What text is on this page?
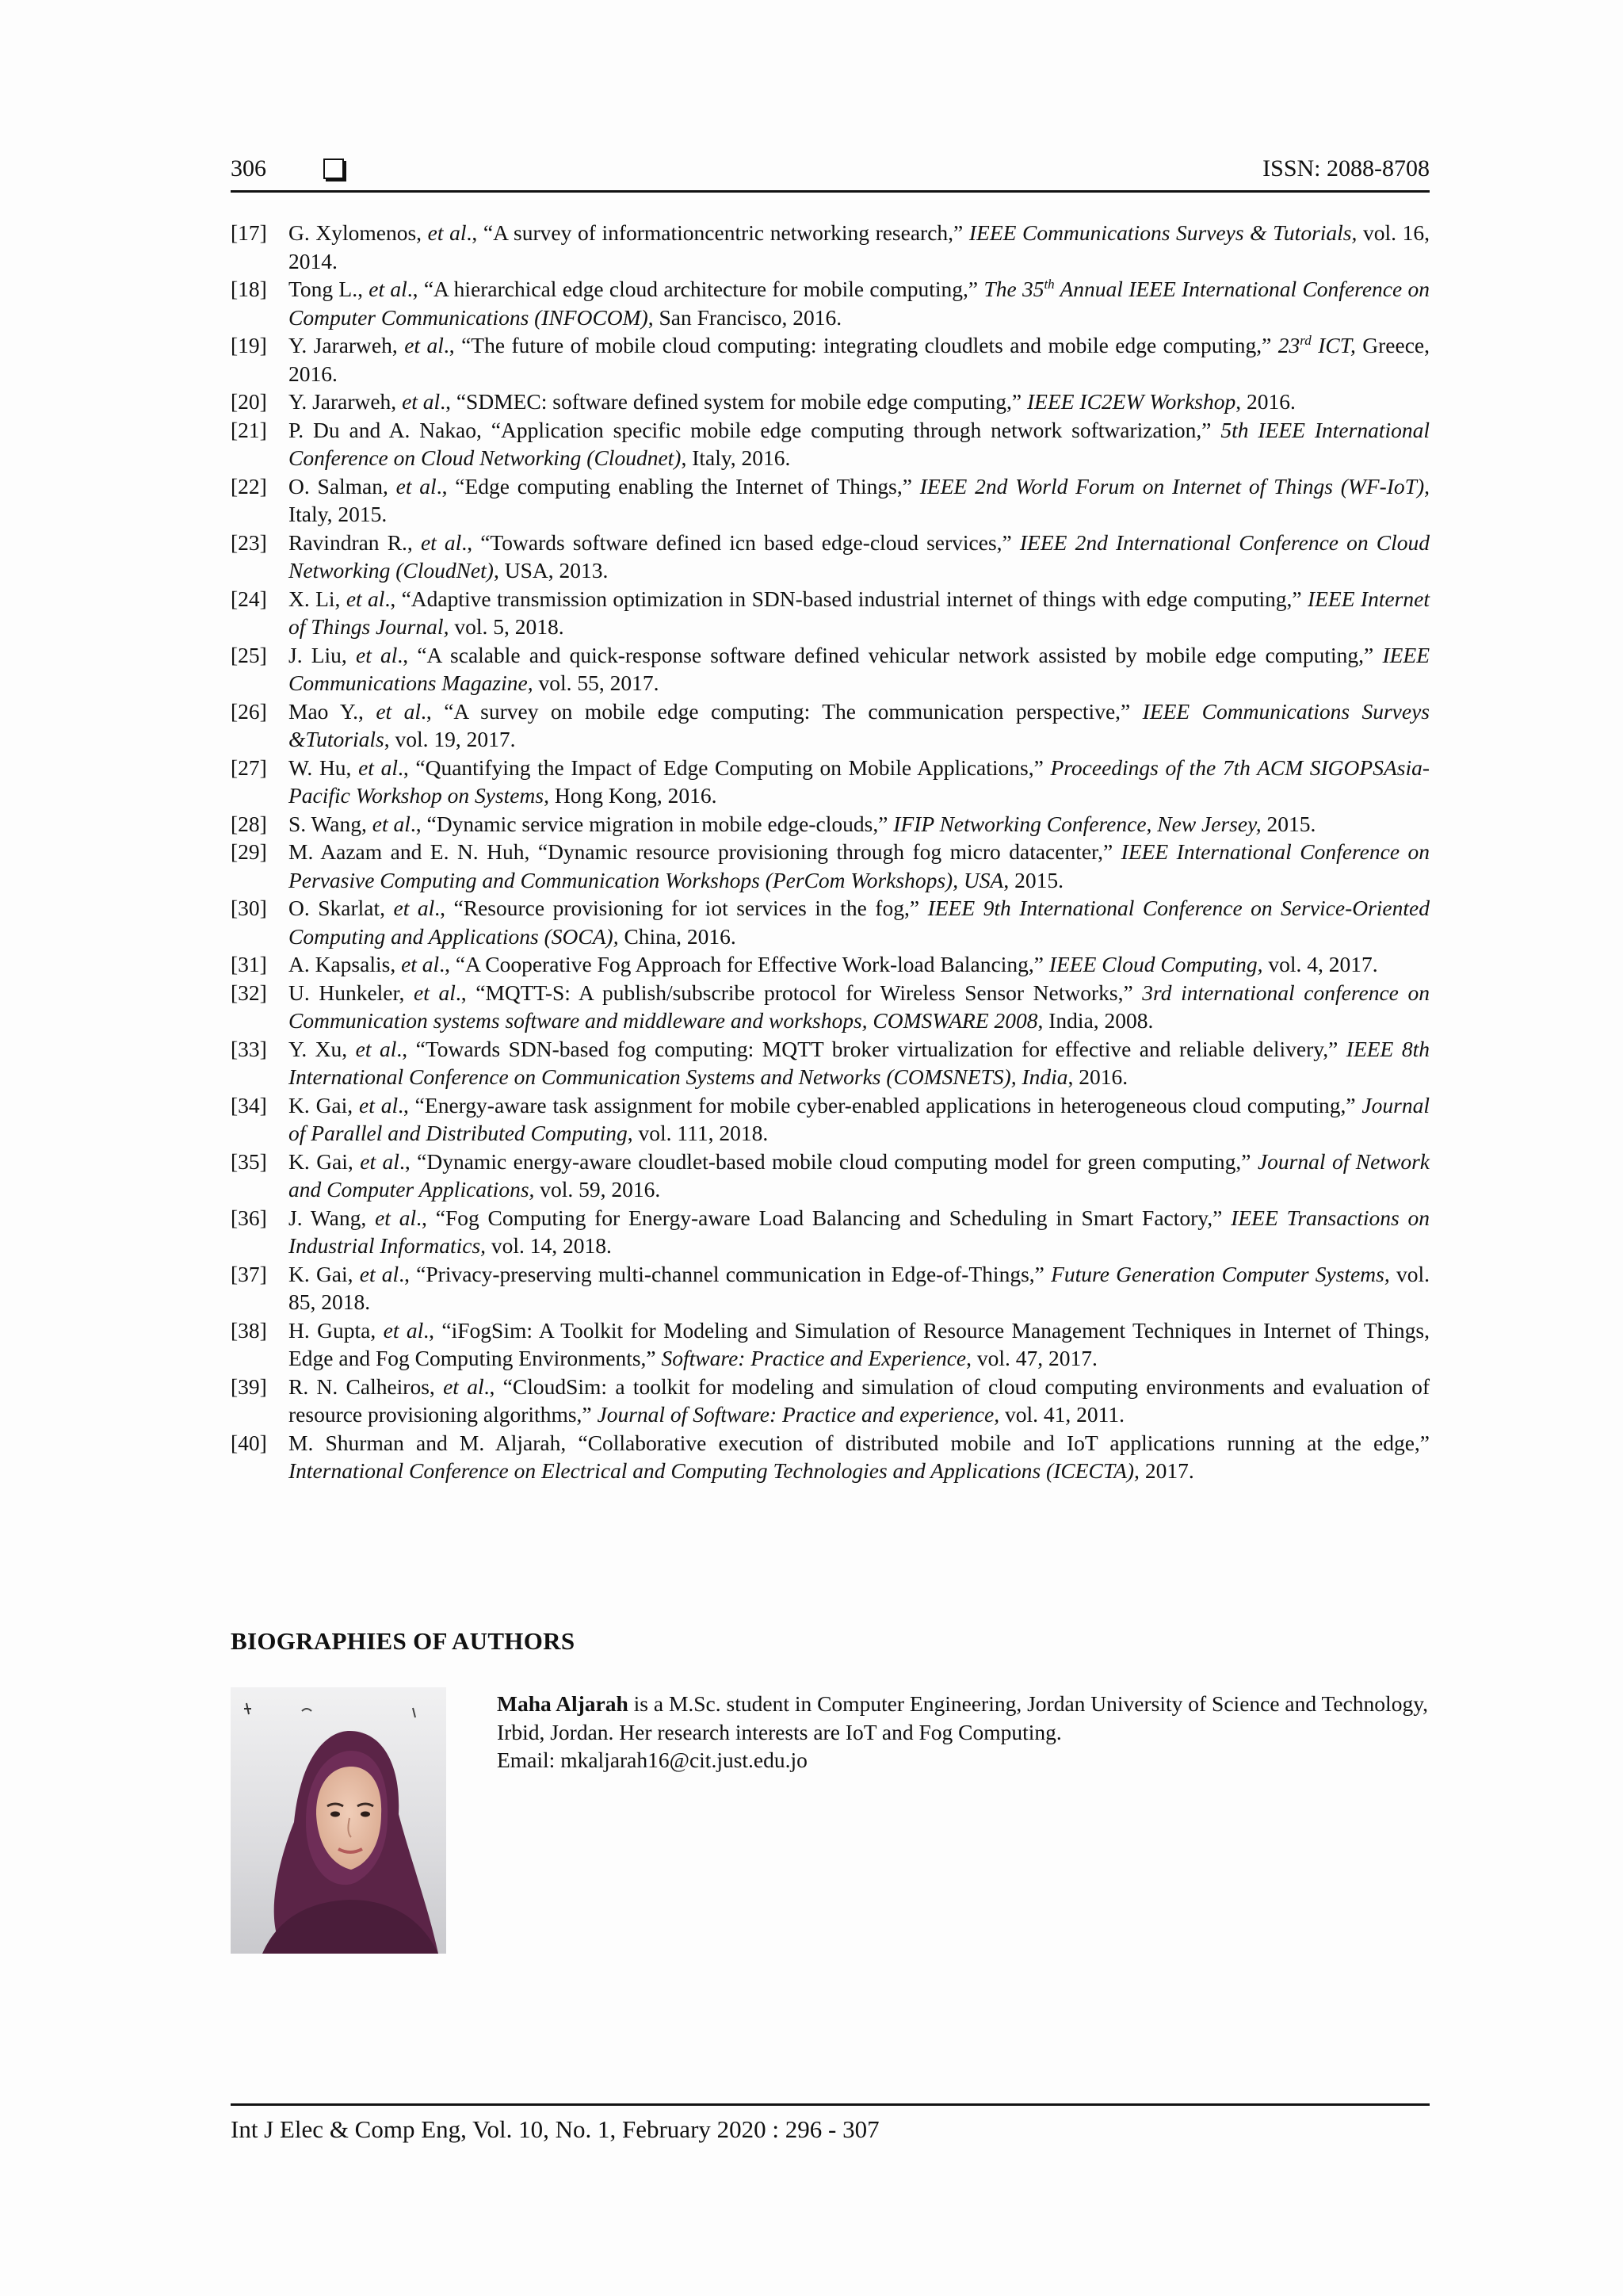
306	ISSN: 2088-8708
[17] G. Xylomenos, et al., “A survey of informationcentric networking research,” IEEE Communications Surveys & Tutorials, vol. 16, 2014.
[18] Tong L., et al., “A hierarchical edge cloud architecture for mobile computing,” The 35th Annual IEEE International Conference on Computer Communications (INFOCOM), San Francisco, 2016.
[19] Y. Jararweh, et al., “The future of mobile cloud computing: integrating cloudlets and mobile edge computing,” 23rd ICT, Greece, 2016.
[20] Y. Jararweh, et al., “SDMEC: software defined system for mobile edge computing,” IEEE IC2EW Workshop, 2016.
[21] P. Du and A. Nakao, “Application specific mobile edge computing through network softwarization,” 5th IEEE International Conference on Cloud Networking (Cloudnet), Italy, 2016.
[22] O. Salman, et al., “Edge computing enabling the Internet of Things,” IEEE 2nd World Forum on Internet of Things (WF-IoT), Italy, 2015.
[23] Ravindran R., et al., “Towards software defined icn based edge-cloud services,” IEEE 2nd International Conference on Cloud Networking (CloudNet), USA, 2013.
[24] X. Li, et al., “Adaptive transmission optimization in SDN-based industrial internet of things with edge computing,” IEEE Internet of Things Journal, vol. 5, 2018.
[25] J. Liu, et al., “A scalable and quick-response software defined vehicular network assisted by mobile edge computing,” IEEE Communications Magazine, vol. 55, 2017.
[26] Mao Y., et al., “A survey on mobile edge computing: The communication perspective,” IEEE Communications Surveys &Tutorials, vol. 19, 2017.
[27] W. Hu, et al., “Quantifying the Impact of Edge Computing on Mobile Applications,” Proceedings of the 7th ACM SIGOPSAsia-Pacific Workshop on Systems, Hong Kong, 2016.
[28] S. Wang, et al., “Dynamic service migration in mobile edge-clouds,” IFIP Networking Conference, New Jersey, 2015.
[29] M. Aazam and E. N. Huh, “Dynamic resource provisioning through fog micro datacenter,” IEEE International Conference on Pervasive Computing and Communication Workshops (PerCom Workshops), USA, 2015.
[30] O. Skarlat, et al., “Resource provisioning for iot services in the fog,” IEEE 9th International Conference on Service-Oriented Computing and Applications (SOCA), China, 2016.
[31] A. Kapsalis, et al., “A Cooperative Fog Approach for Effective Work-load Balancing,” IEEE Cloud Computing, vol. 4, 2017.
[32] U. Hunkeler, et al., “MQTT-S: A publish/subscribe protocol for Wireless Sensor Networks,” 3rd international conference on Communication systems software and middleware and workshops, COMSWARE 2008, India, 2008.
[33] Y. Xu, et al., “Towards SDN-based fog computing: MQTT broker virtualization for effective and reliable delivery,” IEEE 8th International Conference on Communication Systems and Networks (COMSNETS), India, 2016.
[34] K. Gai, et al., “Energy-aware task assignment for mobile cyber-enabled applications in heterogeneous cloud computing,” Journal of Parallel and Distributed Computing, vol. 111, 2018.
[35] K. Gai, et al., “Dynamic energy-aware cloudlet-based mobile cloud computing model for green computing,” Journal of Network and Computer Applications, vol. 59, 2016.
[36] J. Wang, et al., “Fog Computing for Energy-aware Load Balancing and Scheduling in Smart Factory,” IEEE Transactions on Industrial Informatics, vol. 14, 2018.
[37] K. Gai, et al., “Privacy-preserving multi-channel communication in Edge-of-Things,” Future Generation Computer Systems, vol. 85, 2018.
[38] H. Gupta, et al., “iFogSim: A Toolkit for Modeling and Simulation of Resource Management Techniques in Internet of Things, Edge and Fog Computing Environments,” Software: Practice and Experience, vol. 47, 2017.
[39] R. N. Calheiros, et al., “CloudSim: a toolkit for modeling and simulation of cloud computing environments and evaluation of resource provisioning algorithms,” Journal of Software: Practice and experience, vol. 41, 2011.
[40] M. Shurman and M. Aljarah, “Collaborative execution of distributed mobile and IoT applications running at the edge,” International Conference on Electrical and Computing Technologies and Applications (ICECTA), 2017.
BIOGRAPHIES OF AUTHORS
Maha Aljarah is a M.Sc. student in Computer Engineering, Jordan University of Science and Technology, Irbid, Jordan. Her research interests are IoT and Fog Computing.
Email: mkaljarah16@cit.just.edu.jo
Int J Elec & Comp Eng, Vol. 10, No. 1, February 2020 : 296 - 307
